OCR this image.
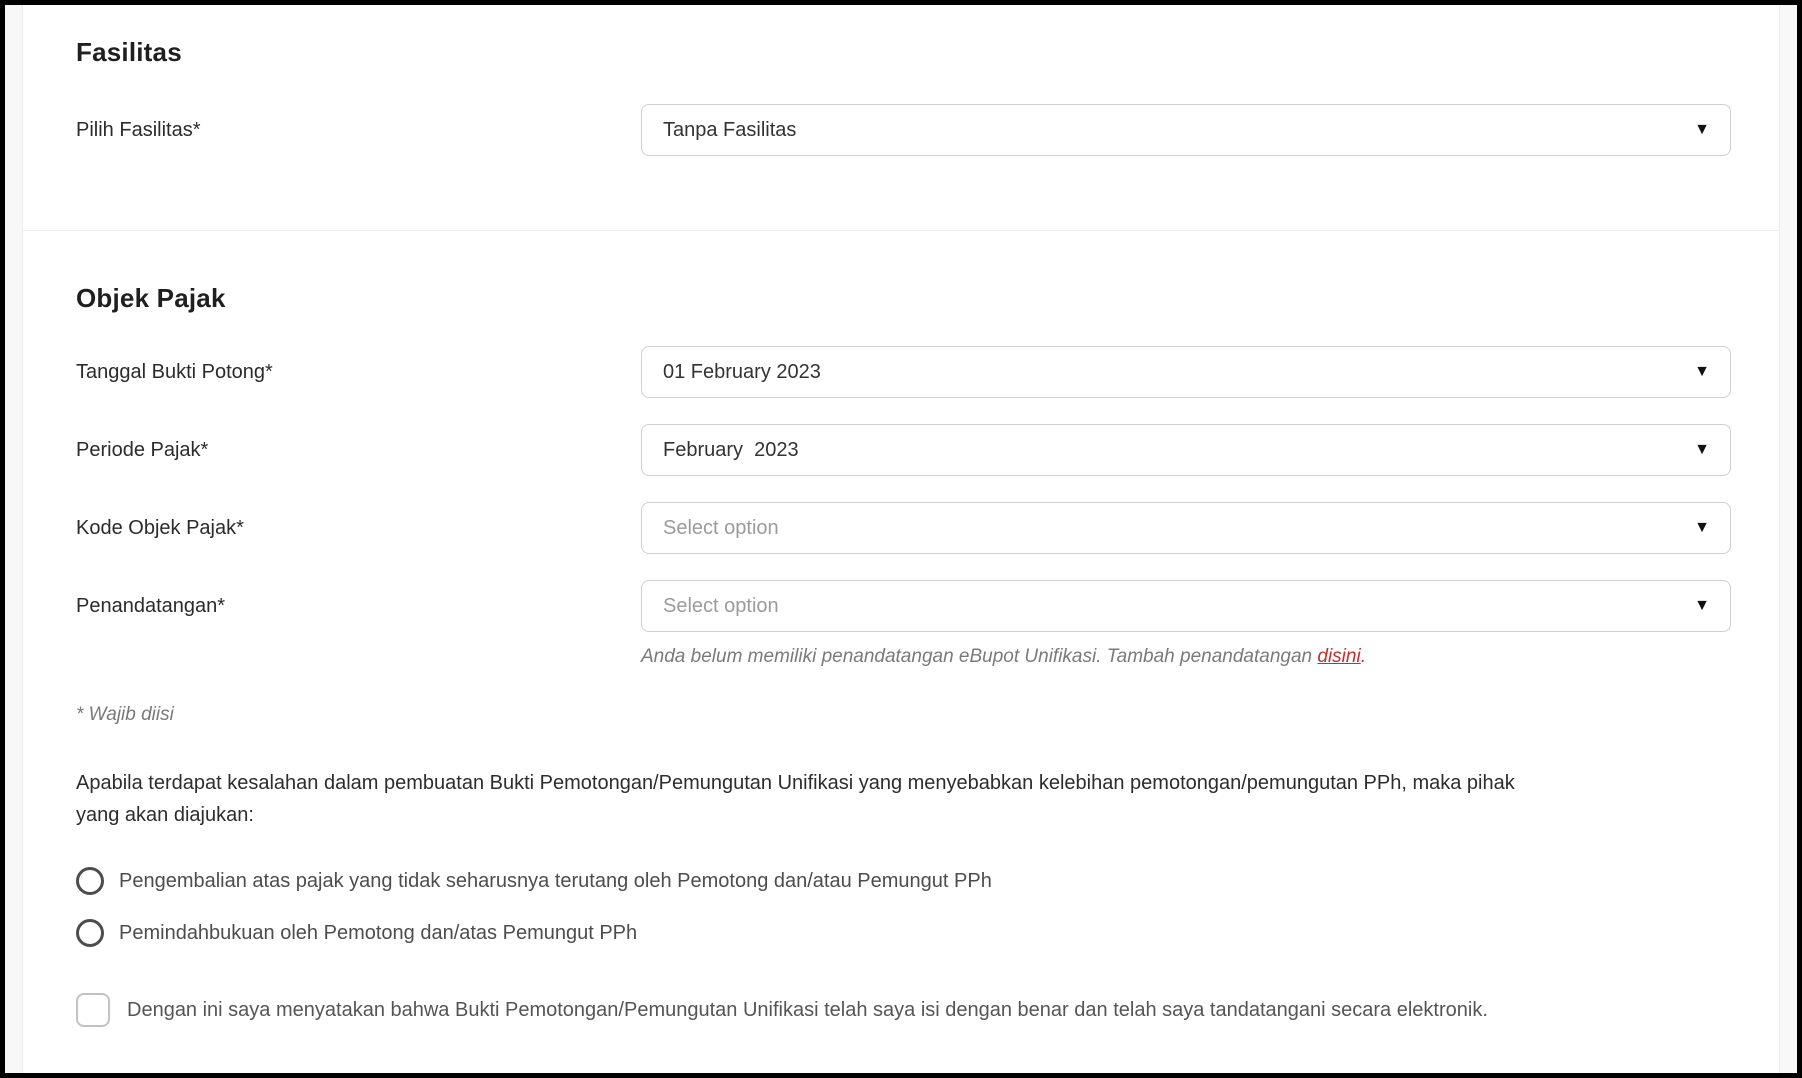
Fasilitas
Pilih Fasilitas*	Tanpa Fasilitas	▼
Objek Pajak
Tanggal Bukti Potong*	01 February 2023	▼
Periode Pajak*	February  2023	▼
Kode Objek Pajak*	Select option	▼
Penandatangan*	Select option	▼
Anda belum memiliki penandatangan eBupot Unifikasi. Tambah penandatangan disini.
* Wajib diisi

Apabila terdapat kesalahan dalam pembuatan Bukti Pemotongan/Pemungutan Unifikasi yang menyebabkan kelebihan pemotongan/pemungutan PPh, maka pihak yang akan diajukan:

Pengembalian atas pajak yang tidak seharusnya terutang oleh Pemotong dan/atau Pemungut PPh
Pemindahbukuan oleh Pemotong dan/atas Pemungut PPh
Dengan ini saya menyatakan bahwa Bukti Pemotongan/Pemungutan Unifikasi telah saya isi dengan benar dan telah saya tandatangani secara elektronik.
